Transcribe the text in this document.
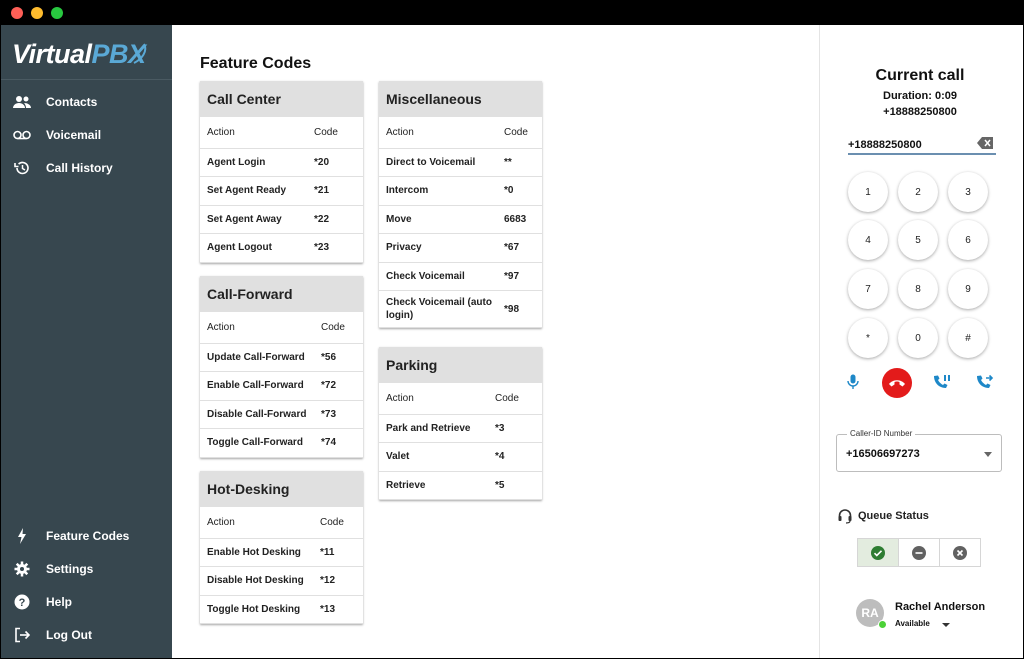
Virtual PBX
Contacts
Voicemail
Call History
Feature Codes
Settings
? Help
Log Out
Feature Codes
Call Center
Action	Code
Agent Login	*20
Set Agent Ready	*21
Set Agent Away	*22
Agent Logout	*23
Call-Forward
Action	Code
Update Call-Forward	*56
Enable Call-Forward	*72
Disable Call-Forward	*73
Toggle Call-Forward	*74
Hot-Desking
Action	Code
Enable Hot Desking	*11
Disable Hot Desking	*12
Toggle Hot Desking	*13
Miscellaneous
Action	Code
Direct to Voicemail	**
Intercom	*0
Move	6683
Privacy	*67
Check Voicemail	*97
Check Voicemail (auto login)	*98
Parking
Action	Code
Park and Retrieve	*3
Valet	*4
Retrieve	*5
Current call
Duration: 0:09
+18888250800
+18888250800
1	2	3
4	5	6
7	8	9
*	0	#
Caller-ID Number
+16506697273
Queue Status
RA	Rachel Anderson
Available
